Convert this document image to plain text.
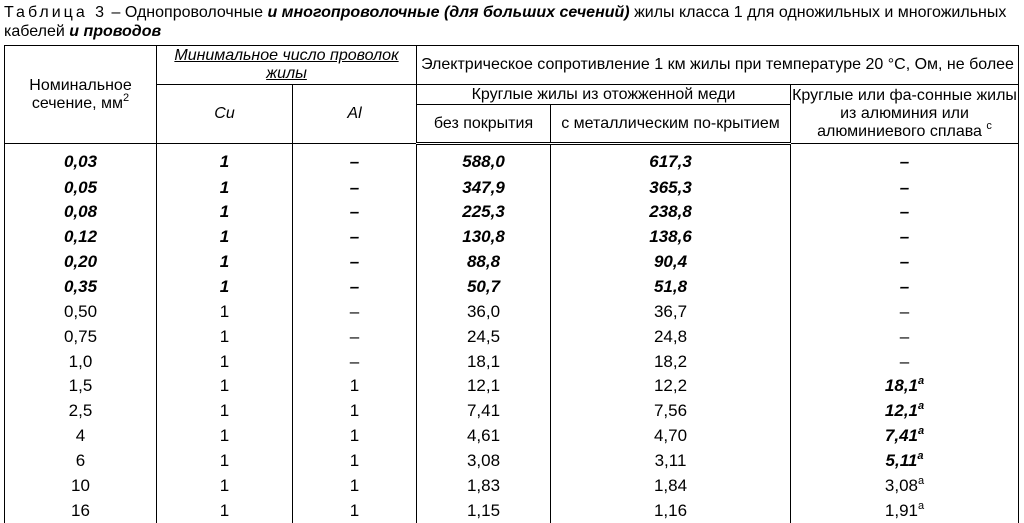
Таблица 3 – Однопроволочные и многопроволочные (для больших сечений) жилы класса 1 для одножильных и многожильных кабелей и проводов
Номинальное сечение, $мм^2$	Минимальное число проволок жилы		Электрическое сопротивление 1 км жилы при температуре 20 °С, Ом, не более		
	Cu	Al	Круглые жилы из отожженной меди		Круглые или фа-сонные жилы из алюминия или алюминиевого сплава $^c$
			без покрытия	с металлическим по-крытием	
0,03	1	–	588,0	617,3	–
0,05	1	–	347,9	365,3	–
0,08	1	–	225,3	238,8	–
0,12	1	–	130,8	138,6	–
0,20	1	–	88,8	90,4	–
0,35	1	–	50,7	51,8	–
0,50	1	–	36,0	36,7	–
0,75	1	–	24,5	24,8	–
1,0	1	–	18,1	18,2	–
1,5	1	1	12,1	12,2	18,1$^a$
2,5	1	1	7,41	7,56	12,1$^a$
4	1	1	4,61	4,70	7,41$^a$
6	1	1	3,08	3,11	5,11$^a$
10	1	1	1,83	1,84	3,08$^a$
16	1	1	1,15	1,16	1,91$^a$
